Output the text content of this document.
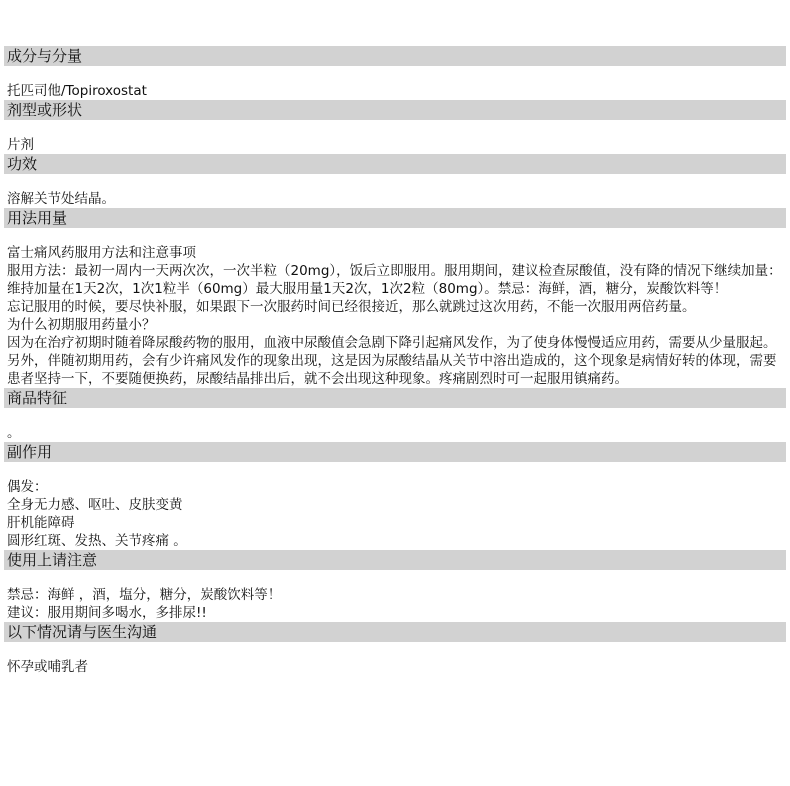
成分与分量
托匹司他/Topiroxostat
剂型或形状
片剂
功效
溶解关节处结晶。
用法用量
富士痛风药服用方法和注意事项
服用方法：最初一周内一天两次次，一次半粒（20mg），饭后立即服用。服用期间，建议检查尿酸值，没有降的情况下继续加量：维持加量在1天2次，1次1粒半（60mg）最大服用量1天2次，1次2粒（80mg）。禁忌：海鲜，酒，糖分，炭酸饮料等！
忘记服用的时候，要尽快补服，如果跟下一次服药时间已经很接近，那么就跳过这次用药，不能一次服用两倍药量。
为什么初期服用药量小？
因为在治疗初期时随着降尿酸药物的服用，血液中尿酸值会急剧下降引起痛风发作，为了使身体慢慢适应用药，需要从少量服起。
另外，伴随初期用药，会有少许痛风发作的现象出现，这是因为尿酸结晶从关节中溶出造成的，这个现象是病情好转的体现，需要患者坚持一下，不要随便换药，尿酸结晶排出后，就不会出现这种现象。疼痛剧烈时可一起服用镇痛药。
商品特征
。
副作用
偶发：
全身无力感、呕吐、皮肤变黄
肝机能障碍
圆形红斑、发热、关节疼痛 。
使用上请注意
禁忌：海鲜 ，酒，塩分，糖分，炭酸饮料等！
建议：服用期间多喝水，多排尿!!
以下情况请与医生沟通
怀孕或哺乳者
